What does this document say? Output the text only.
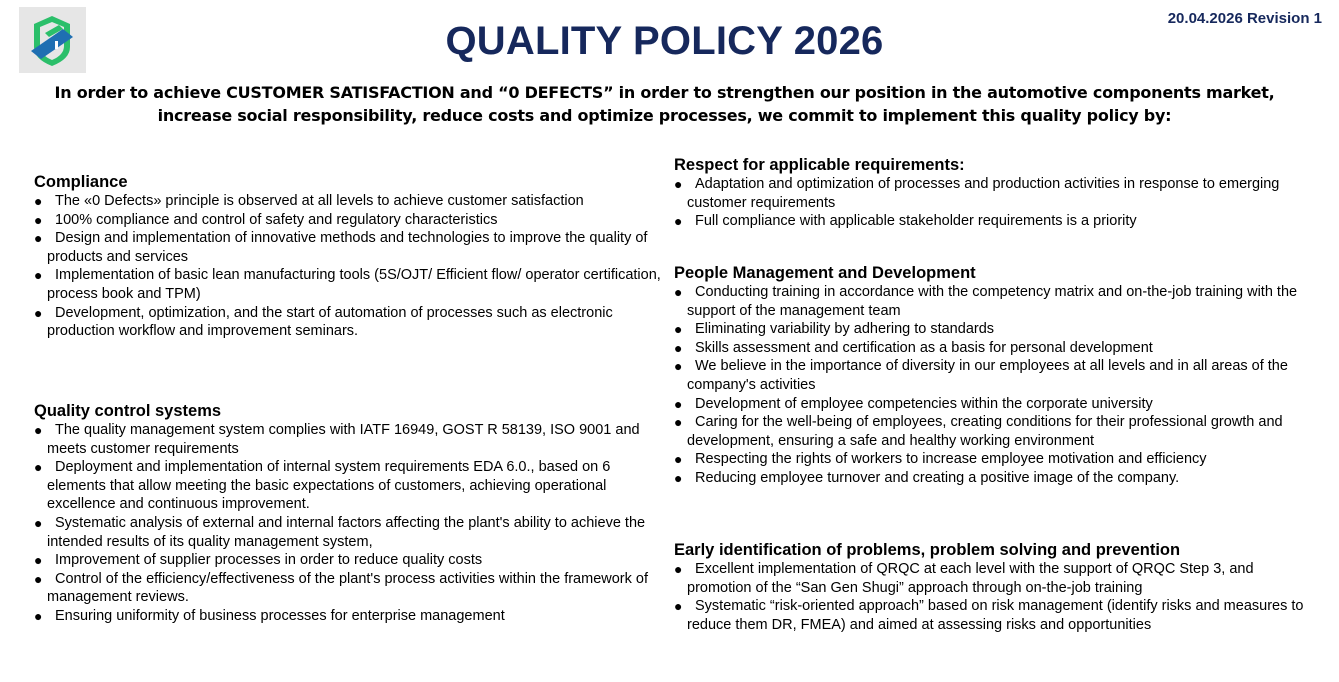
QUALITY POLICY 2026
20.04.2026 Revision 1
In order to achieve CUSTOMER SATISFACTION and “0 DEFECTS” in order to strengthen our position in the automotive components market, increase social responsibility, reduce costs and optimize processes, we commit to implement this quality policy by:
Compliance
● The «0 Defects» principle is observed at all levels to achieve customer satisfaction
● 100% compliance and control of safety and regulatory characteristics
● Design and implementation of innovative methods and technologies to improve the quality of products and services
● Implementation of basic lean manufacturing tools (5S/OJT/ Efficient flow/ operator certification, process book and TPM)
● Development, optimization, and the start of automation of processes such as electronic production workflow and improvement seminars.
Quality control systems
● The quality management system complies with IATF 16949, GOST R 58139, ISO 9001 and meets customer requirements
● Deployment and implementation of internal system requirements EDA 6.0., based on 6 elements that allow meeting the basic expectations of customers, achieving operational excellence and continuous improvement.
● Systematic analysis of external and internal factors affecting the plant's ability to achieve the intended results of its quality management system,
● Improvement of supplier processes in order to reduce quality costs
● Control of the efficiency/effectiveness of the plant's process activities within the framework of management reviews.
● Ensuring uniformity of business processes for enterprise management
Respect for applicable requirements:
● Adaptation and optimization of processes and production activities in response to emerging customer requirements
● Full compliance with applicable stakeholder requirements is a priority
People Management and Development
● Conducting training in accordance with the competency matrix and on-the-job training with the support of the management team
● Eliminating variability by adhering to standards
● Skills assessment and certification as a basis for personal development
● We believe in the importance of diversity in our employees at all levels and in all areas of the company's activities
● Development of employee competencies within the corporate university
● Caring for the well-being of employees, creating conditions for their professional growth and development, ensuring a safe and healthy working environment
● Respecting the rights of workers to increase employee motivation and efficiency
● Reducing employee turnover and creating a positive image of the company.
Early identification of problems, problem solving and prevention
● Excellent implementation of QRQC at each level with the support of QRQC Step 3, and promotion of the “San Gen Shugi” approach through on-the-job training
● Systematic “risk-oriented approach” based on risk management (identify risks and measures to reduce them DR, FMEA) and aimed at assessing risks and opportunities
